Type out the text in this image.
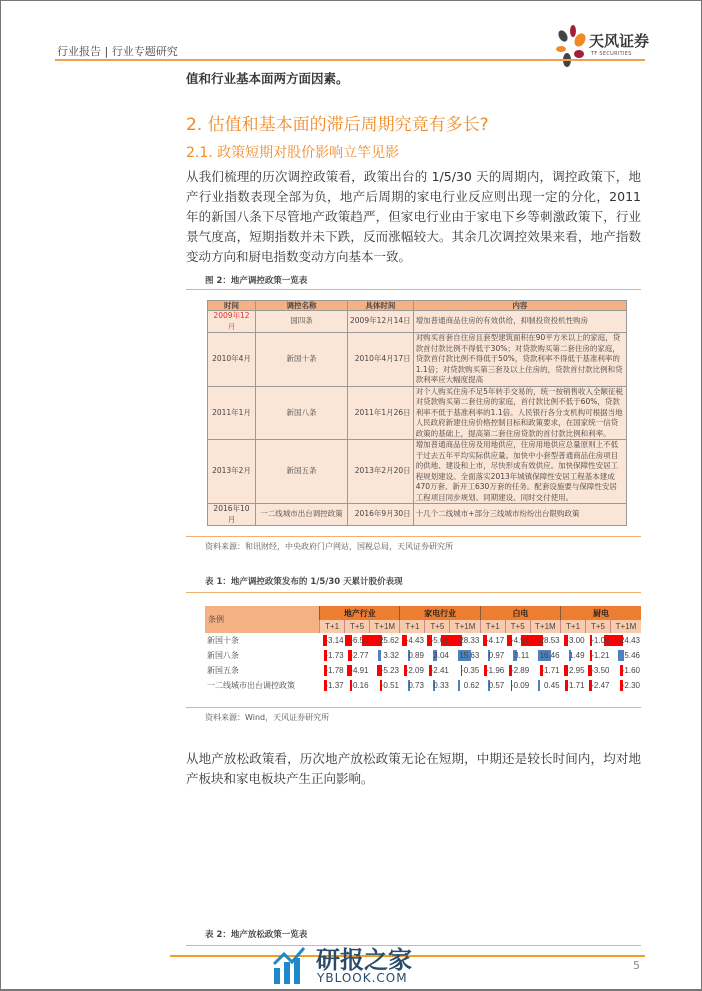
行业报告 | 行业专题研究
天风证券
TF SECURITIES
值和行业基本面两方面因素。
2. 估值和基本面的滞后周期究竟有多长?
2.1. 政策短期对股价影响立竿见影
从我们梳理的历次调控政策看，政策出台的 1/5/30 天的周期内，调控政策下，地产行业指数表现全部为负，地产后周期的家电行业反应则出现一定的分化，2011 年的新国八条下尽管地产政策趋严，但家电行业由于家电下乡等刺激政策下，行业景气度高，短期指数并未下跌，反而涨幅较大。其余几次调控效果来看，地产指数变动方向和厨电指数变动方向基本一致。
图 2：地产调控政策一览表
时间	调控名称	具体时间	内容
2009年12月	国四条	2009年12月14日	增加普通商品住房的有效供给，抑制投资投机性购房
2010年4月	新国十条	2010年4月17日	对购买首套自住房且套型建筑面积在90平方米以上的家庭，贷款首付款比例不得低于30%；对贷款购买第二套住房的家庭，贷款首付款比例不得低于50%，贷款利率不得低于基准利率的1.1倍；对贷款购买第三套及以上住房的，贷款首付款比例和贷款利率应大幅度提高
2011年1月	新国八条	2011年1月26日	对个人购买住房不足5年转手交易的，统一按销售收入全额征税对贷款购买第二套住房的家庭，首付款比例不低于60%，贷款利率不低于基准利率的1.1倍。人民银行各分支机构可根据当地人民政府新建住房价格控制目标和政策要求，在国家统一信贷政策的基础上，提高第二套住房贷款的首付款比例和利率。
2013年2月	新国五条	2013年2月20日	增加普通商品住房及用地供应，住房用地供应总量原则上不低于过去五年平均实际供应量。加快中小套型普通商品住房项目的供地、建设和上市，尽快形成有效供应。加快保障性安居工程规划建设。全面落实2013年城镇保障性安居工程基本建成470万套、新开工630万套的任务。配套设施要与保障性安居工程项目同步规划、同期建设、同时交付使用。
2016年10月	一二线城市出台调控政策	2016年9月30日	十几个二线城市+部分三线城市纷纷出台限购政策
资料来源：和讯财经，中央政府门户网站，国税总局，天风证券研究所
表 1：地产调控政策发布的 1/5/30 天累计股价表现
条例	地产行业			家电行业			白电			厨电		
	T+1	T+5	T+1M	T+1	T+5	T+1M	T+1	T+5	T+1M	T+1	T+5	T+1M
新国十条	-3.14	-6.53	-25.62	-4.43	-5.01	-28.33	-4.17	-4.91	-28.53	-3.00	-1.05	-24.43
新国八条	-1.73	-2.77	3.32	0.89	3.04	15.63	0.97	3.11	16.46	1.49	-1.21	5.46
新国五条	-1.78	-4.91	-5.23	-2.09	-2.41	-0.35	-1.96	-2.89	-1.71	-2.95	-3.50	-1.60
一二线城市出台调控政策	-1.37	-0.16	-0.51	0.73	0.33	0.62	0.57	-0.09	0.45	-1.71	-2.47	-2.30
资料来源：Wind，天风证券研究所
从地产放松政策看，历次地产放松政策无论在短期，中期还是较长时间内，均对地产板块和家电板块产生正向影响。
表 2：地产放松政策一览表
5
研报之家
YBLOOK.COM
